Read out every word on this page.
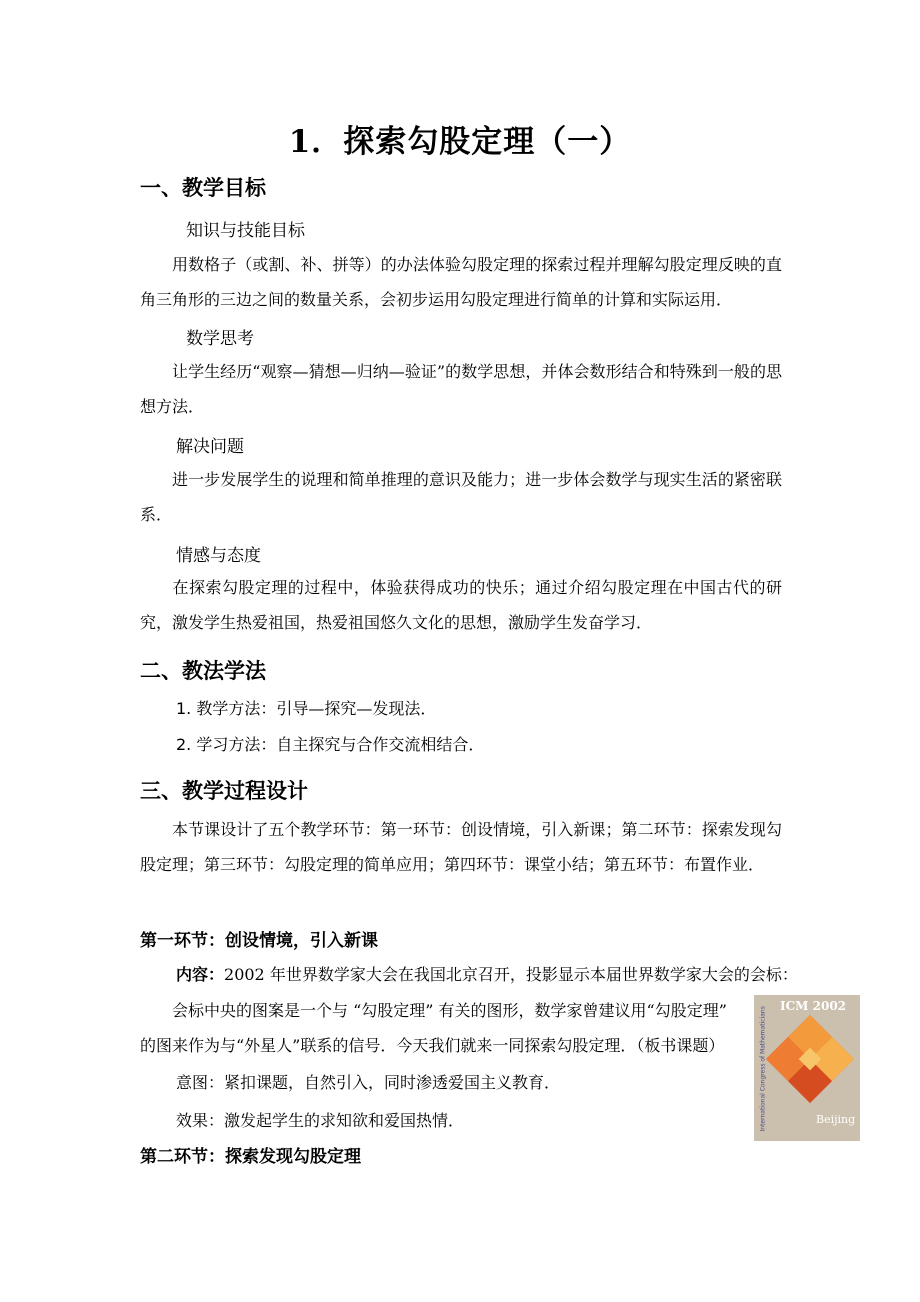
1．探索勾股定理（一）
一、教学目标
知识与技能目标
用数格子（或割、补、拼等）的办法体验勾股定理的探索过程并理解勾股定理反映的直角三角形的三边之间的数量关系，会初步运用勾股定理进行简单的计算和实际运用．
数学思考
让学生经历“观察—猜想—归纳—验证”的数学思想，并体会数形结合和特殊到一般的思想方法．
解决问题
进一步发展学生的说理和简单推理的意识及能力；进一步体会数学与现实生活的紧密联系．
情感与态度
在探索勾股定理的过程中，体验获得成功的快乐；通过介绍勾股定理在中国古代的研究，激发学生热爱祖国，热爱祖国悠久文化的思想，激励学生发奋学习．
二、教法学法
1. 教学方法：引导—探究—发现法．
2. 学习方法：自主探究与合作交流相结合．
三、教学过程设计
本节课设计了五个教学环节：第一环节：创设情境，引入新课；第二环节：探索发现勾股定理；第三环节：勾股定理的简单应用；第四环节：课堂小结；第五环节：布置作业．
第一环节：创设情境，引入新课
内容：2002 年世界数学家大会在我国北京召开，投影显示本届世界数学家大会的会标：
会标中央的图案是一个与 “勾股定理” 有关的图形，数学家曾建议用“勾股定理”
的图来作为与“外星人”联系的信号．今天我们就来一同探索勾股定理．（板书课题）
意图：紧扣课题，自然引入，同时渗透爱国主义教育．
效果：激发起学生的求知欲和爱国热情．
第二环节：探索发现勾股定理
ICM 2002
International Congress of Mathematicians	Beijing
